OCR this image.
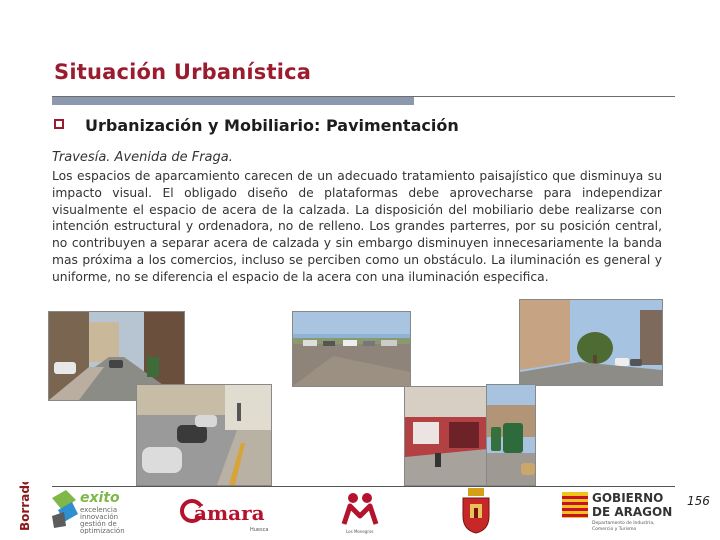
Situación Urbanística
Urbanización y Mobiliario: Pavimentación
Travesía. Avenida de Fraga.
Los espacios de aparcamiento carecen de un adecuado tratamiento paisajístico que disminuya su impacto visual. El obligado diseño de plataformas debe aprovecharse para independizar visualmente el espacio de acera de la calzada. La disposición del mobiliario debe realizarse con intención estructural y ordenadora, no de relleno. Los grandes parterres, por su posición central, no contribuyen a separar acera de calzada y sin embargo disminuyen innecesariamente la banda mas próxima a los comercios, incluso se perciben como un obstáculo. La iluminación es general y uniforme, no se diferencia el espacio de la acera con una iluminación especifica.
156
Borrador	exito
excelencia
innovación
gestión de
optimización
ámara
Huesca	Los Monegros
GOBIERNO
DE ARAGON
Departamento de Industria,
Comercio y Turismo
